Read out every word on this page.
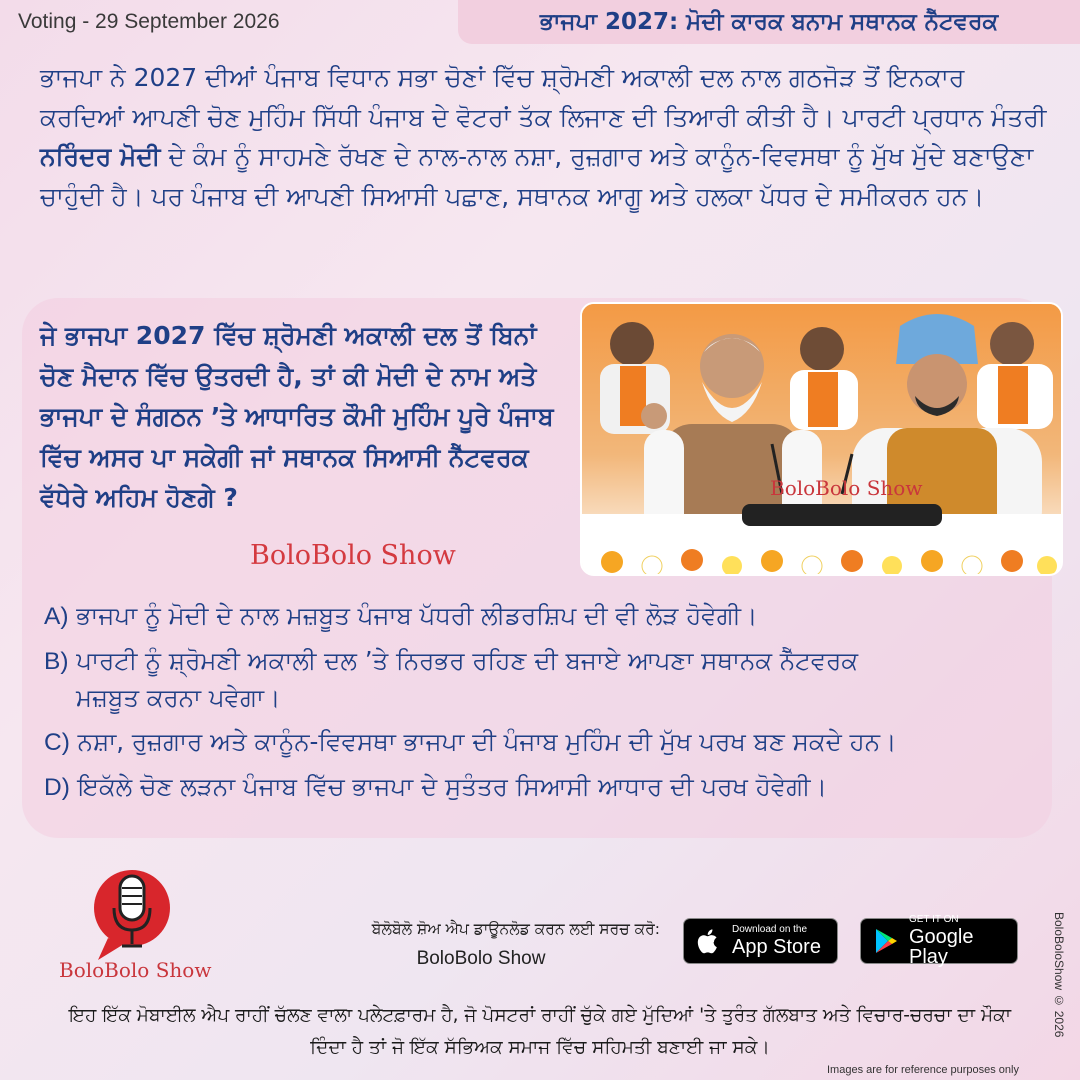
Voting - 29 September 2026	ਭਾਜਪਾ 2027: ਮੋਦੀ ਕਾਰਕ ਬਨਾਮ ਸਥਾਨਕ ਨੈੱਟਵਰਕ
ਭਾਜਪਾ ਨੇ 2027 ਦੀਆਂ ਪੰਜਾਬ ਵਿਧਾਨ ਸਭਾ ਚੋਣਾਂ ਵਿੱਚ ਸ਼੍ਰੋਮਣੀ ਅਕਾਲੀ ਦਲ ਨਾਲ ਗਠਜੋੜ ਤੋਂ ਇਨਕਾਰ ਕਰਦਿਆਂ ਆਪਣੀ ਚੋਣ ਮੁਹਿੰਮ ਸਿੱਧੀ ਪੰਜਾਬ ਦੇ ਵੋਟਰਾਂ ਤੱਕ ਲਿਜਾਣ ਦੀ ਤਿਆਰੀ ਕੀਤੀ ਹੈ। ਪਾਰਟੀ ਪ੍ਰਧਾਨ ਮੰਤਰੀ ਨਰਿੰਦਰ ਮੋਦੀ ਦੇ ਕੰਮ ਨੂੰ ਸਾਹਮਣੇ ਰੱਖਣ ਦੇ ਨਾਲ-ਨਾਲ ਨਸ਼ਾ, ਰੁਜ਼ਗਾਰ ਅਤੇ ਕਾਨੂੰਨ-ਵਿਵਸਥਾ ਨੂੰ ਮੁੱਖ ਮੁੱਦੇ ਬਣਾਉਣਾ ਚਾਹੁੰਦੀ ਹੈ। ਪਰ ਪੰਜਾਬ ਦੀ ਆਪਣੀ ਸਿਆਸੀ ਪਛਾਣ, ਸਥਾਨਕ ਆਗੂ ਅਤੇ ਹਲਕਾ ਪੱਧਰ ਦੇ ਸਮੀਕਰਨ ਹਨ।
ਜੇ ਭਾਜਪਾ 2027 ਵਿੱਚ ਸ਼੍ਰੋਮਣੀ ਅਕਾਲੀ ਦਲ ਤੋਂ ਬਿਨਾਂ ਚੋਣ ਮੈਦਾਨ ਵਿੱਚ ਉਤਰਦੀ ਹੈ, ਤਾਂ ਕੀ ਮੋਦੀ ਦੇ ਨਾਮ ਅਤੇ ਭਾਜਪਾ ਦੇ ਸੰਗਠਨ ’ਤੇ ਆਧਾਰਿਤ ਕੌਮੀ ਮੁਹਿੰਮ ਪੂਰੇ ਪੰਜਾਬ ਵਿੱਚ ਅਸਰ ਪਾ ਸਕੇਗੀ ਜਾਂ ਸਥਾਨਕ ਸਿਆਸੀ ਨੈੱਟਵਰਕ ਵੱਧੇਰੇ ਅਹਿਮ ਹੋਣਗੇ ?
BoloBolo Show
BoloBolo Show
A) ਭਾਜਪਾ ਨੂੰ ਮੋਦੀ ਦੇ ਨਾਲ ਮਜ਼ਬੂਤ ਪੰਜਾਬ ਪੱਧਰੀ ਲੀਡਰਸ਼ਿਪ ਦੀ ਵੀ ਲੋੜ ਹੋਵੇਗੀ।
B) ਪਾਰਟੀ ਨੂੰ ਸ਼੍ਰੋਮਣੀ ਅਕਾਲੀ ਦਲ ’ਤੇ ਨਿਰਭਰ ਰਹਿਣ ਦੀ ਬਜਾਏ ਆਪਣਾ ਸਥਾਨਕ ਨੈੱਟਵਰਕ
ਮਜ਼ਬੂਤ ਕਰਨਾ ਪਵੇਗਾ।
C) ਨਸ਼ਾ, ਰੁਜ਼ਗਾਰ ਅਤੇ ਕਾਨੂੰਨ-ਵਿਵਸਥਾ ਭਾਜਪਾ ਦੀ ਪੰਜਾਬ ਮੁਹਿੰਮ ਦੀ ਮੁੱਖ ਪਰਖ ਬਣ ਸਕਦੇ ਹਨ।
D) ਇਕੱਲੇ ਚੋਣ ਲੜਨਾ ਪੰਜਾਬ ਵਿੱਚ ਭਾਜਪਾ ਦੇ ਸੁਤੰਤਰ ਸਿਆਸੀ ਆਧਾਰ ਦੀ ਪਰਖ ਹੋਵੇਗੀ।
BoloBolo Show
ਬੋਲੋਬੋਲੋ ਸ਼ੋਅ ਐਪ ਡਾਊਨਲੋਡ ਕਰਨ ਲਈ ਸਰਚ ਕਰੋ:
BoloBolo Show
Download on the
App Store
GET IT ON
Google Play	BoloBoloShow © 2026
ਇਹ ਇੱਕ ਮੋਬਾਈਲ ਐਪ ਰਾਹੀਂ ਚੱਲਣ ਵਾਲਾ ਪਲੇਟਫ਼ਾਰਮ ਹੈ, ਜੋ ਪੋਸਟਰਾਂ ਰਾਹੀਂ ਚੁੱਕੇ ਗਏ ਮੁੱਦਿਆਂ 'ਤੇ ਤੁਰੰਤ ਗੱਲਬਾਤ ਅਤੇ ਵਿਚਾਰ-ਚਰਚਾ ਦਾ ਮੌਕਾ ਦਿੰਦਾ ਹੈ ਤਾਂ ਜੋ ਇੱਕ ਸੱਭਿਅਕ ਸਮਾਜ ਵਿੱਚ ਸਹਿਮਤੀ ਬਣਾਈ ਜਾ ਸਕੇ।
Images are for reference purposes only
